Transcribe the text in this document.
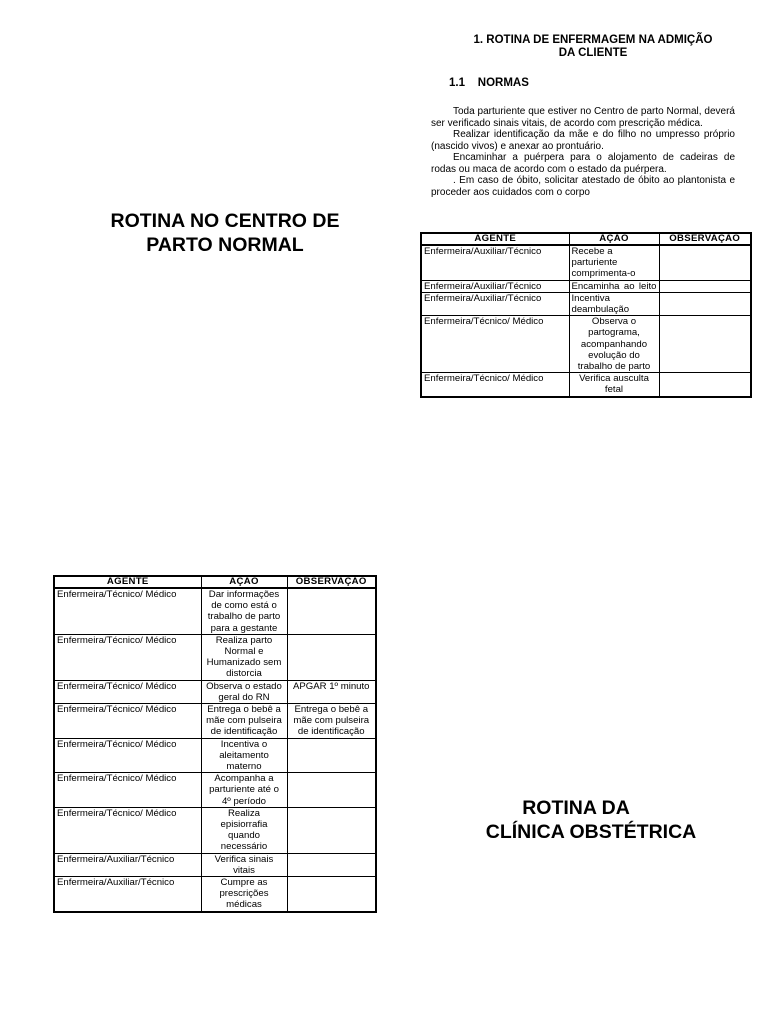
ROTINA NO CENTRO DE
PARTO NORMAL
1. ROTINA DE ENFERMAGEM NA ADMIÇÃO
DA CLIENTE
1.1    NORMAS

Toda parturiente que estiver no Centro de parto Normal, deverá ser verificado sinais vitais, de acordo com prescrição médica.

Realizar identificação da mãe e do filho no umpresso próprio (nascido vivos) e anexar ao prontuário.

Encaminhar a puérpera para o alojamento de cadeiras de rodas ou maca de acordo com o estado da puérpera.

. Em caso de óbito, solicitar atestado de óbito ao plantonista e proceder aos cuidados com o corpo

AGENTE	AÇÃO	OBSERVAÇÃO
Enfermeira/Auxiliar/Técnico	Recebe a parturiente comprimenta-o	
Enfermeira/Auxiliar/Técnico	Encaminha ao leito	
Enfermeira/Auxiliar/Técnico	Incentiva deambulação	
Enfermeira/Técnico/ Médico	Observa o partograma, acompanhando evolução do trabalho de parto	
Enfermeira/Técnico/ Médico	Verifica ausculta fetal	
AGENTE	AÇÃO	OBSERVAÇÃO
Enfermeira/Técnico/ Médico	Dar informações de como está o trabalho de parto para a gestante	
Enfermeira/Técnico/ Médico	Realiza parto Normal e Humanizado sem distorcia	
Enfermeira/Técnico/ Médico	Observa o estado geral do RN	APGAR 1º minuto
Enfermeira/Técnico/ Médico	Entrega o bebê a mãe com pulseira de identificação	Entrega o bebê a mãe com pulseira de identificação
Enfermeira/Técnico/ Médico	Incentiva o aleitamento materno	
Enfermeira/Técnico/ Médico	Acompanha a parturiente até o 4º período	
Enfermeira/Técnico/ Médico	Realiza episiorrafia quando necessário	
Enfermeira/Auxiliar/Técnico	Verifica sinais vitais	
Enfermeira/Auxiliar/Técnico	Cumpre as prescrições médicas	
ROTINA DA
CLÍNICA OBSTÉTRICA
